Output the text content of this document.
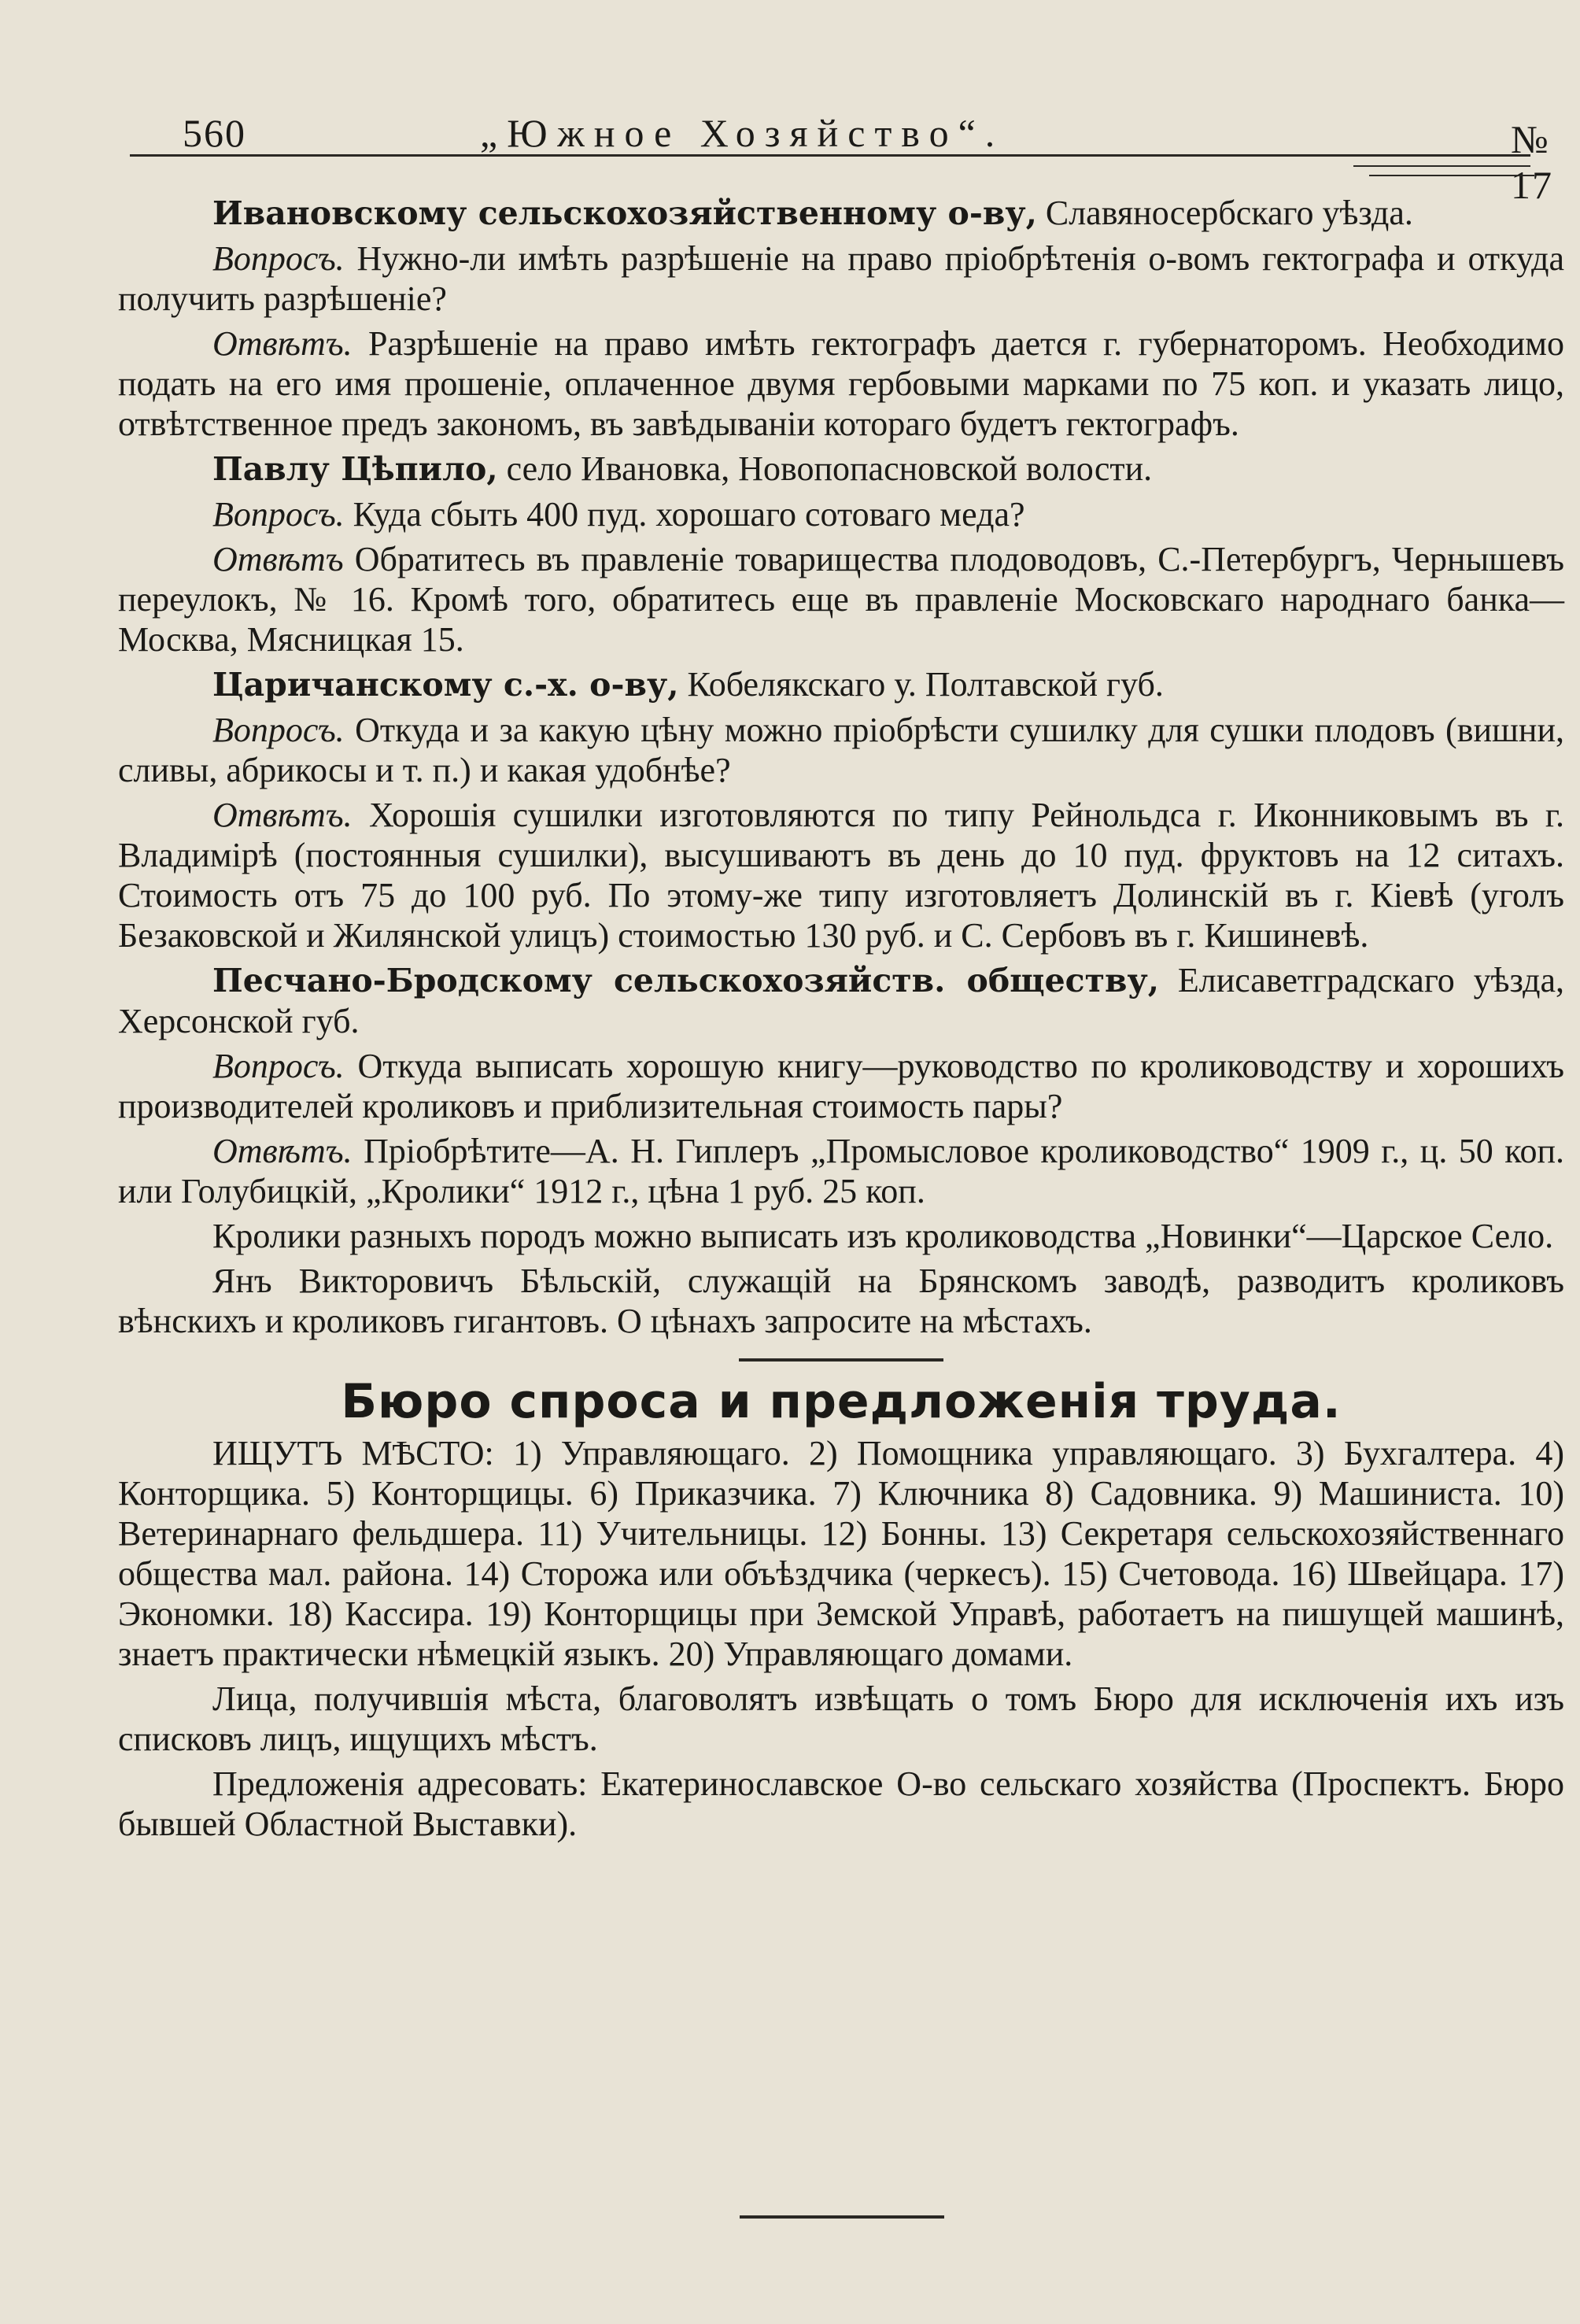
560	„Южное Хозяйство“.	№ 17

Ивановскому сельскохозяйственному о-ву, Славяносербскаго уѣзда.

Вопросъ. Нужно-ли имѣть разрѣшеніе на право пріобрѣтенія о-вомъ гектографа и откуда получить разрѣшеніе?

Отвѣтъ. Разрѣшеніе на право имѣть гектографъ дается г. губернаторомъ. Необходимо подать на его имя прошеніе, оплаченное двумя гербовыми марками по 75 коп. и указать лицо, отвѣтственное предъ закономъ, въ завѣдываніи котораго будетъ гектографъ.

Павлу Цѣпило, село Ивановка, Новопопасновской волости.

Вопросъ. Куда сбыть 400 пуд. хорошаго сотоваго меда?

Отвѣтъ Обратитесь въ правленіе товарищества плодоводовъ, С.-Петербургъ, Чернышевъ переулокъ, № 16. Кромѣ того, обратитесь еще въ правленіе Московскаго народнаго банка—Москва, Мясницкая 15.

Царичанскому с.-х. о-ву, Кобелякскаго у. Полтавской губ.

Вопросъ. Откуда и за какую цѣну можно пріобрѣсти сушилку для сушки плодовъ (вишни, сливы, абрикосы и т. п.) и какая удобнѣе?

Отвѣтъ. Хорошія сушилки изготовляются по типу Рейнольдса г. Иконниковымъ въ г. Владимірѣ (постоянныя сушилки), высушиваютъ въ день до 10 пуд. фруктовъ на 12 ситахъ. Стоимость отъ 75 до 100 руб. По этому-же типу изготовляетъ Долинскій въ г. Кіевѣ (уголъ Безаковской и Жилянской улицъ) стоимостью 130 руб. и С. Сербовъ въ г. Кишиневѣ.

Песчано-Бродскому сельскохозяйств. обществу, Елисаветградскаго уѣзда, Херсонской губ.

Вопросъ. Откуда выписать хорошую книгу—руководство по кролиководству и хорошихъ производителей кроликовъ и приблизительная стоимость пары?

Отвѣтъ. Пріобрѣтите—А. Н. Гиплеръ „Промысловое кролиководство“ 1909 г., ц. 50 коп. или Голубицкій, „Кролики“ 1912 г., цѣна 1 руб. 25 коп.

Кролики разныхъ породъ можно выписать изъ кролиководства „Новинки“—Царское Село.

Янъ Викторовичъ Бѣльскій, служащій на Брянскомъ заводѣ, разводитъ кроликовъ вѣнскихъ и кроликовъ гигантовъ. О цѣнахъ запросите на мѣстахъ.

Бюро спроса и предложенія труда.

ИЩУТЪ МѢСТО: 1) Управляющаго. 2) Помощника управляющаго. 3) Бухгалтера. 4) Конторщика. 5) Конторщицы. 6) Приказчика. 7) Ключника 8) Садовника. 9) Машиниста. 10) Ветеринарнаго фельдшера. 11) Учительницы. 12) Бонны. 13) Секретаря сельскохозяйственнаго общества мал. района. 14) Сторожа или объѣздчика (черкесъ). 15) Счетовода. 16) Швейцара. 17) Экономки. 18) Кассира. 19) Конторщицы при Земской Управѣ, работаетъ на пишущей машинѣ, знаетъ практически нѣмецкій языкъ. 20) Управляющаго домами.

Лица, получившія мѣста, благоволятъ извѣщать о томъ Бюро для исключенія ихъ изъ списковъ лицъ, ищущихъ мѣстъ.

Предложенія адресовать: Екатеринославское О-во сельскаго хозяйства (Проспектъ. Бюро бывшей Областной Выставки).
